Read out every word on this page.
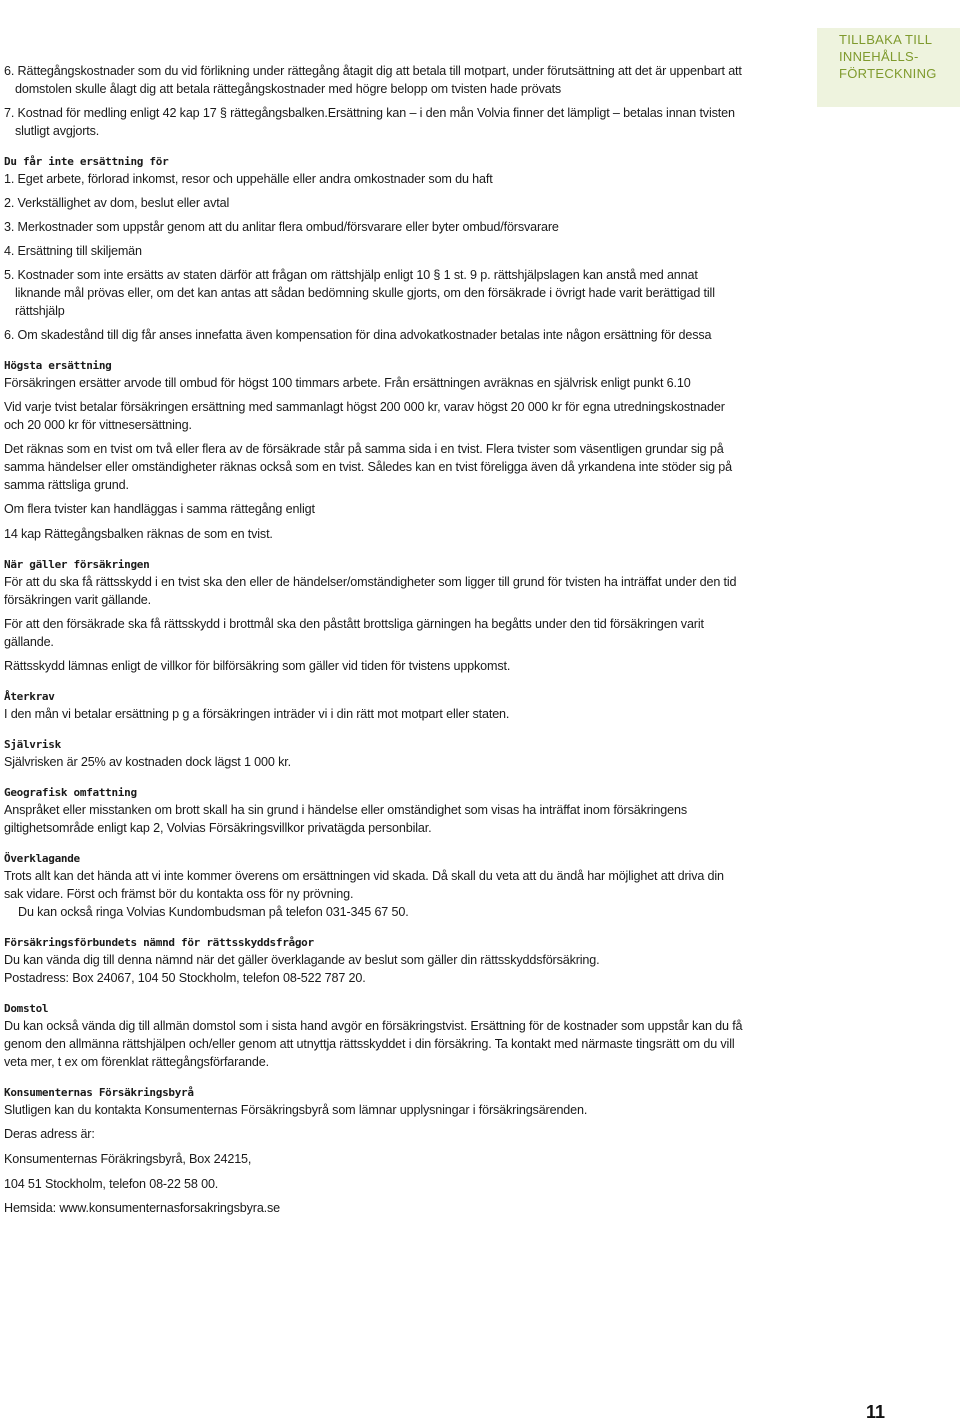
TILLBAKA TILL
INNEHÅLLS-
FÖRTECKNING

6. Rättegångskostnader som du vid förlikning under rättegång åtagit dig att betala till motpart, under förutsättning att det är uppenbart att domstolen skulle ålagt dig att betala rättegångskostnader med högre belopp om tvisten hade prövats

7. Kostnad för medling enligt 42 kap 17 § rättegångsbalken.Ersättning kan – i den mån Volvia finner det lämpligt – betalas innan tvisten slutligt avgjorts.

Du får inte ersättning för

1. Eget arbete, förlorad inkomst, resor och uppehälle eller andra omkostnader som du haft

2. Verkställighet av dom, beslut eller avtal

3. Merkostnader som uppstår genom att du anlitar flera ombud/försvarare eller byter ombud/försvarare

4. Ersättning till skiljemän

5. Kostnader som inte ersätts av staten därför att frågan om rättshjälp enligt 10 § 1 st. 9 p. rättshjälpslagen kan anstå med annat liknande mål prövas eller, om det kan antas att sådan bedömning skulle gjorts, om den försäkrade i övrigt hade varit berättigad till rättshjälp

6. Om skadestånd till dig får anses innefatta även kompensation för dina advokatkostnader betalas inte någon ersättning för dessa

Högsta ersättning

Försäkringen ersätter arvode till ombud för högst 100 timmars arbete. Från ersättningen avräknas en självrisk enligt punkt 6.10

Vid varje tvist betalar försäkringen ersättning med sammanlagt högst 200 000 kr, varav högst 20 000 kr för egna utredningskostnader och 20 000 kr för vittnesersättning.

Det räknas som en tvist om två eller flera av de försäkrade står på samma sida i en tvist. Flera tvister som väsentligen grundar sig på samma händelser eller omständigheter räknas också som en tvist. Således kan en tvist föreligga även då yrkandena inte stöder sig på samma rättsliga grund.

Om flera tvister kan handläggas i samma rättegång enligt

14 kap Rättegångsbalken räknas de som en tvist.

När gäller försäkringen

För att du ska få rättsskydd i en tvist ska den eller de händelser/omständigheter som ligger till grund för tvisten ha inträffat under den tid försäkringen varit gällande.

För att den försäkrade ska få rättsskydd i brottmål ska den påstått brottsliga gärningen ha begåtts under den tid försäkringen varit gällande.

Rättsskydd lämnas enligt de villkor för bilförsäkring som gäller vid tiden för tvistens uppkomst.

Återkrav

I den mån vi betalar ersättning p g a försäkringen inträder vi i din rätt mot motpart eller staten.

Självrisk

Självrisken är 25% av kostnaden dock lägst 1 000 kr.

Geografisk omfattning

Anspråket eller misstanken om brott skall ha sin grund i händelse eller omständighet som visas ha inträffat inom försäkringens giltighetsområde enligt kap 2, Volvias Försäkringsvillkor privatägda personbilar.

Överklagande

Trots allt kan det hända att vi inte kommer överens om ersättningen vid skada. Då skall du veta att du ändå har möjlighet att driva din sak vidare. Först och främst bör du kontakta oss för ny prövning.

Du kan också ringa Volvias Kundombudsman på telefon 031-345 67 50.

Försäkringsförbundets nämnd för rättsskyddsfrågor

Du kan vända dig till denna nämnd när det gäller överklagande av beslut som gäller din rättsskyddsförsäkring.

Postadress: Box 24067, 104 50 Stockholm, telefon 08-522 787 20.

Domstol

Du kan också vända dig till allmän domstol som i sista hand avgör en försäkringstvist. Ersättning för de kostnader som uppstår kan du få genom den allmänna rättshjälpen och/eller genom att utnyttja rättsskyddet i din försäkring. Ta kontakt med närmaste tingsrätt om du vill veta mer, t ex om förenklat rättegångsförfarande.

Konsumenternas Försäkringsbyrå

Slutligen kan du kontakta Konsumenternas Försäkringsbyrå som lämnar upplysningar i försäkringsärenden.

Deras adress är:

Konsumenternas Föräkringsbyrå, Box 24215,

104 51 Stockholm, telefon 08-22 58 00.

Hemsida: www.konsumenternasforsakringsbyra.se

11
